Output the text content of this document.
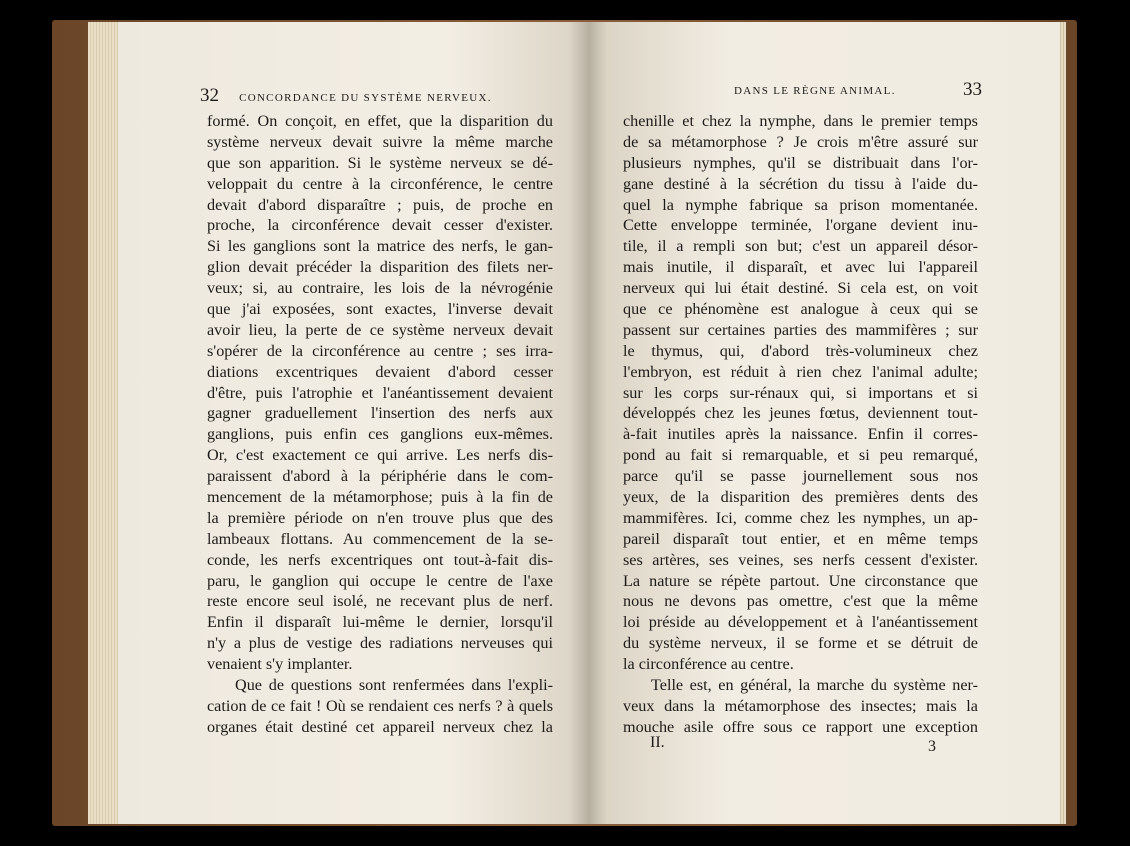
32 CONCORDANCE DU SYSTÈME NERVEUX.
formé. On conçoit, en effet, que la disparition du
système nerveux devait suivre la même marche
que son apparition. Si le système nerveux se dé-
veloppait du centre à la circonférence, le centre
devait d'abord disparaître ; puis, de proche en
proche, la circonférence devait cesser d'exister.
Si les ganglions sont la matrice des nerfs, le gan-
glion devait précéder la disparition des filets ner-
veux; si, au contraire, les lois de la névrogénie
que j'ai exposées, sont exactes, l'inverse devait
avoir lieu, la perte de ce système nerveux devait
s'opérer de la circonférence au centre ; ses irra-
diations excentriques devaient d'abord cesser
d'être, puis l'atrophie et l'anéantissement devaient
gagner graduellement l'insertion des nerfs aux
ganglions, puis enfin ces ganglions eux-mêmes.
Or, c'est exactement ce qui arrive. Les nerfs dis-
paraissent d'abord à la périphérie dans le com-
mencement de la métamorphose; puis à la fin de
la première période on n'en trouve plus que des
lambeaux flottans. Au commencement de la se-
conde, les nerfs excentriques ont tout-à-fait dis-
paru, le ganglion qui occupe le centre de l'axe
reste encore seul isolé, ne recevant plus de nerf.
Enfin il disparaît lui-même le dernier, lorsqu'il
n'y a plus de vestige des radiations nerveuses qui
venaient s'y implanter.
Que de questions sont renfermées dans l'expli-
cation de ce fait ! Où se rendaient ces nerfs ? à quels
organes était destiné cet appareil nerveux chez la
DANS LE RÈGNE ANIMAL.	33
chenille et chez la nymphe, dans le premier temps
de sa métamorphose ? Je crois m'être assuré sur
plusieurs nymphes, qu'il se distribuait dans l'or-
gane destiné à la sécrétion du tissu à l'aide du-
quel la nymphe fabrique sa prison momentanée.
Cette enveloppe terminée, l'organe devient inu-
tile, il a rempli son but; c'est un appareil désor-
mais inutile, il disparaît, et avec lui l'appareil
nerveux qui lui était destiné. Si cela est, on voit
que ce phénomène est analogue à ceux qui se
passent sur certaines parties des mammifères ; sur
le thymus, qui, d'abord très-volumineux chez
l'embryon, est réduit à rien chez l'animal adulte;
sur les corps sur-rénaux qui, si importans et si
développés chez les jeunes fœtus, deviennent tout-
à-fait inutiles après la naissance. Enfin il corres-
pond au fait si remarquable, et si peu remarqué,
parce qu'il se passe journellement sous nos
yeux, de la disparition des premières dents des
mammifères. Ici, comme chez les nymphes, un ap-
pareil disparaît tout entier, et en même temps
ses artères, ses veines, ses nerfs cessent d'exister.
La nature se répète partout. Une circonstance que
nous ne devons pas omettre, c'est que la même
loi préside au développement et à l'anéantissement
du système nerveux, il se forme et se détruit de
la circonférence au centre.
Telle est, en général, la marche du système ner-
veux dans la métamorphose des insectes; mais la
mouche asile offre sous ce rapport une exception
II.	3
